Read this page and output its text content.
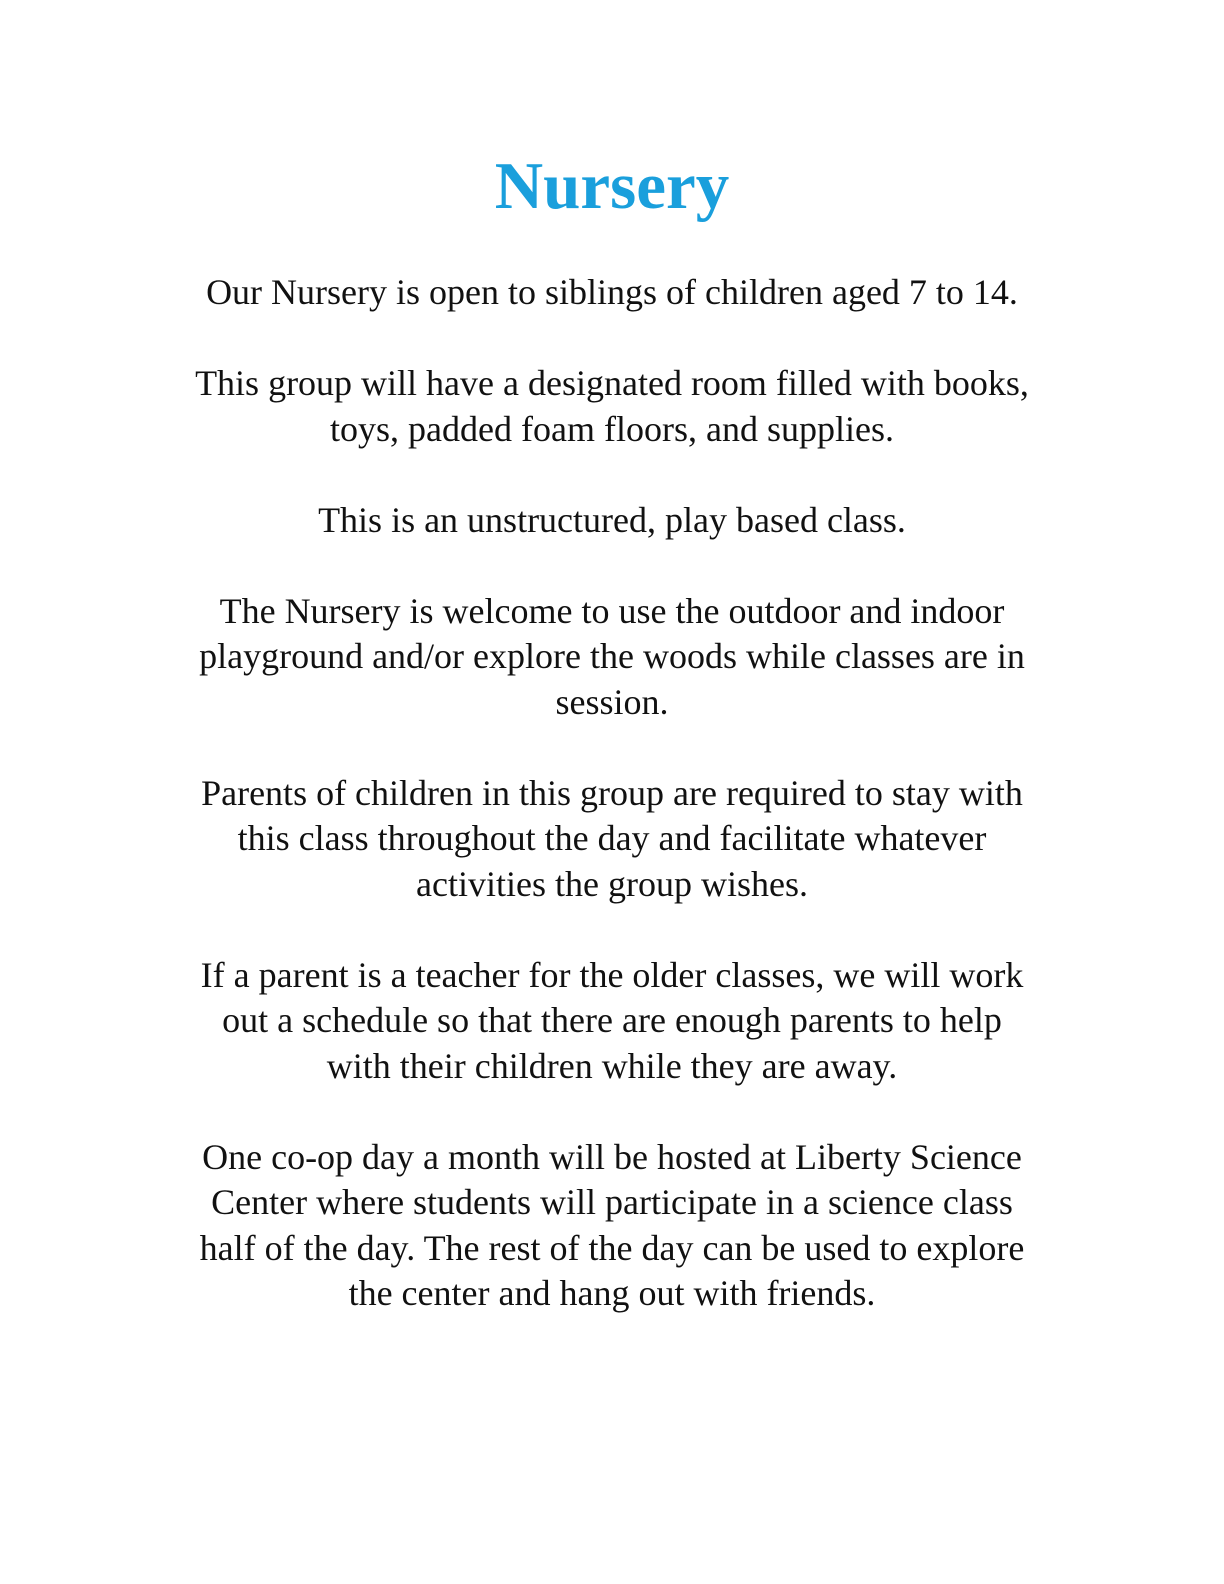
Nursery

Our Nursery is open to siblings of children aged 7 to 14.

This group will have a designated room filled with books,
toys, padded foam floors, and supplies.

This is an unstructured, play based class.

The Nursery is welcome to use the outdoor and indoor
playground and/or explore the woods while classes are in
session.

Parents of children in this group are required to stay with
this class throughout the day and facilitate whatever
activities the group wishes.

If a parent is a teacher for the older classes, we will work
out a schedule so that there are enough parents to help
with their children while they are away.

One co-op day a month will be hosted at Liberty Science
Center where students will participate in a science class
half of the day. The rest of the day can be used to explore
the center and hang out with friends.
